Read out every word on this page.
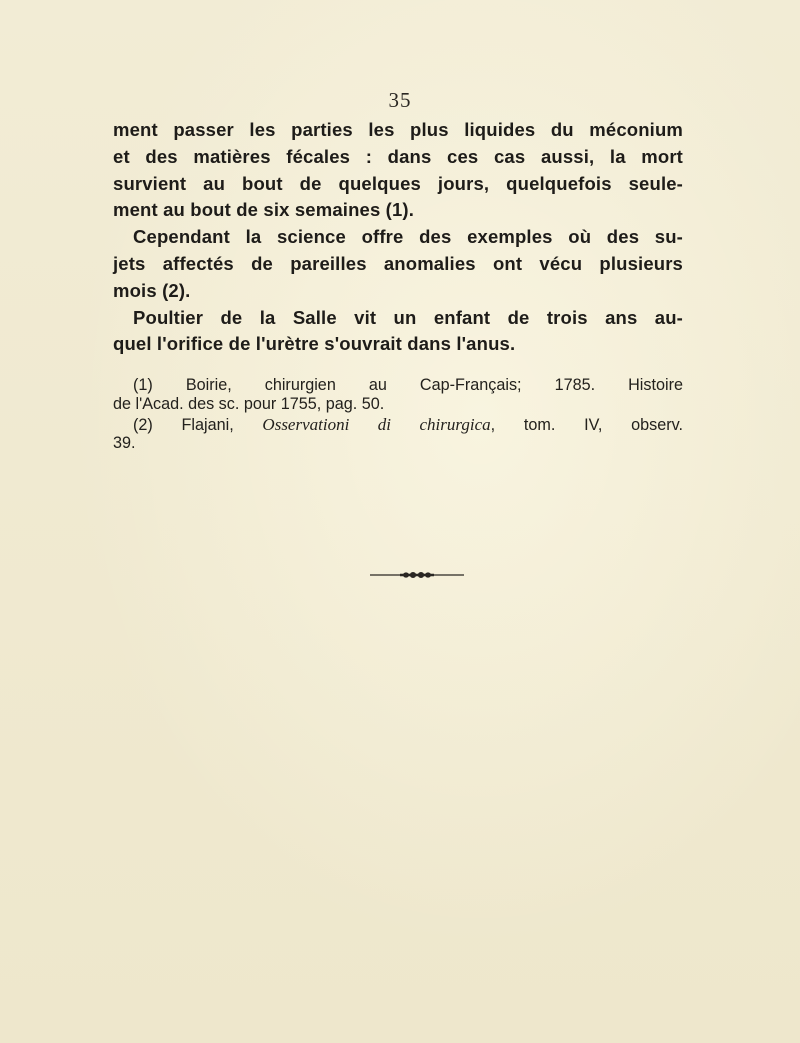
35
ment passer les parties les plus liquides du méconium
et des matières fécales : dans ces cas aussi, la mort
survient au bout de quelques jours, quelquefois seule-
ment au bout de six semaines (1).
Cependant la science offre des exemples où des su-
jets affectés de pareilles anomalies ont vécu plusieurs
mois (2).
Poultier de la Salle vit un enfant de trois ans au-
quel l'orifice de l'urètre s'ouvrait dans l'anus.
(1) Boirie, chirurgien au Cap-Français; 1785. Histoire
de l'Acad. des sc. pour 1755, pag. 50.
(2) Flajani, Osservationi di chirurgica, tom. IV, observ.
39.
